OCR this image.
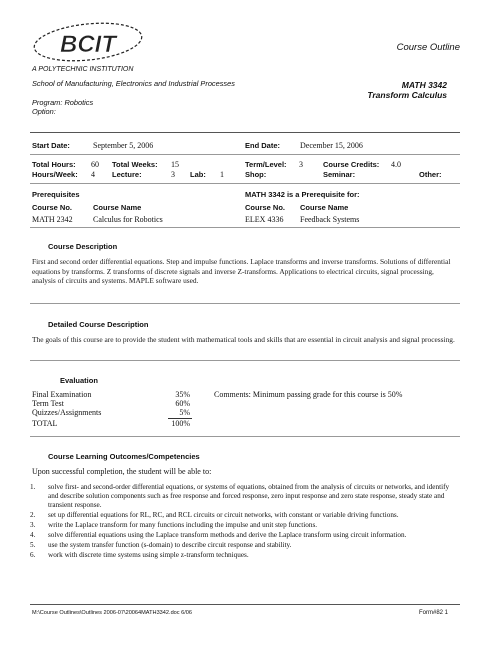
BCIT
A POLYTECHNIC INSTITUTION
Course Outline
School of Manufacturing, Electronics and Industrial Processes
Program: Robotics
Option:
MATH 3342
Transform Calculus
Start Date:	September 5, 2006	End Date: December 15, 2006
Total Hours: 60 Total Weeks: 15	Term/Level: 3	Course Credits: 4.0
Hours/Week: 4 Lecture:	3 Lab: 1	Shop:	Seminar:	Other:
Prerequisites
Course No.	Course Name
MATH 2342	Calculus for Robotics
MATH 3342 is a Prerequisite for:
Course No. Course Name
ELEX 4336 Feedback Systems
Course Description
First and second order differential equations. Step and impulse functions. Laplace transforms and inverse transforms. Solutions of differential equations by transforms. Z transforms of discrete signals and inverse Z-transforms. Applications to electrical circuits, signal processing, analysis of circuits and systems. MAPLE software used.
Detailed Course Description
The goals of this course are to provide the student with mathematical tools and skills that are essential in circuit analysis and signal processing.
Evaluation
Final Examination	35%
Term Test	60%
Quizzes/Assignments	5%
TOTAL	100%
Comments: Minimum passing grade for this course is 50%
Course Learning Outcomes/Competencies
Upon successful completion, the student will be able to:
1. solve first- and second-order differential equations, or systems of equations, obtained from the analysis of circuits or networks, and identify and describe solution components such as free response and forced response, zero input response and zero state response, steady state and transient response.
2. set up differential equations for RL, RC, and RCL circuits or circuit networks, with constant or variable driving functions.
3. write the Laplace transform for many functions including the impulse and unit step functions.
4. solve differential equations using the Laplace transform methods and derive the Laplace transform using circuit information.
5. use the system transfer function (s-domain) to describe circuit response and stability.
6. work with discrete time systems using simple z-transform techniques.
M:\Course Outlines\Outlines 2006-07\20064MATH3342.doc 6/06	Form#82 1
